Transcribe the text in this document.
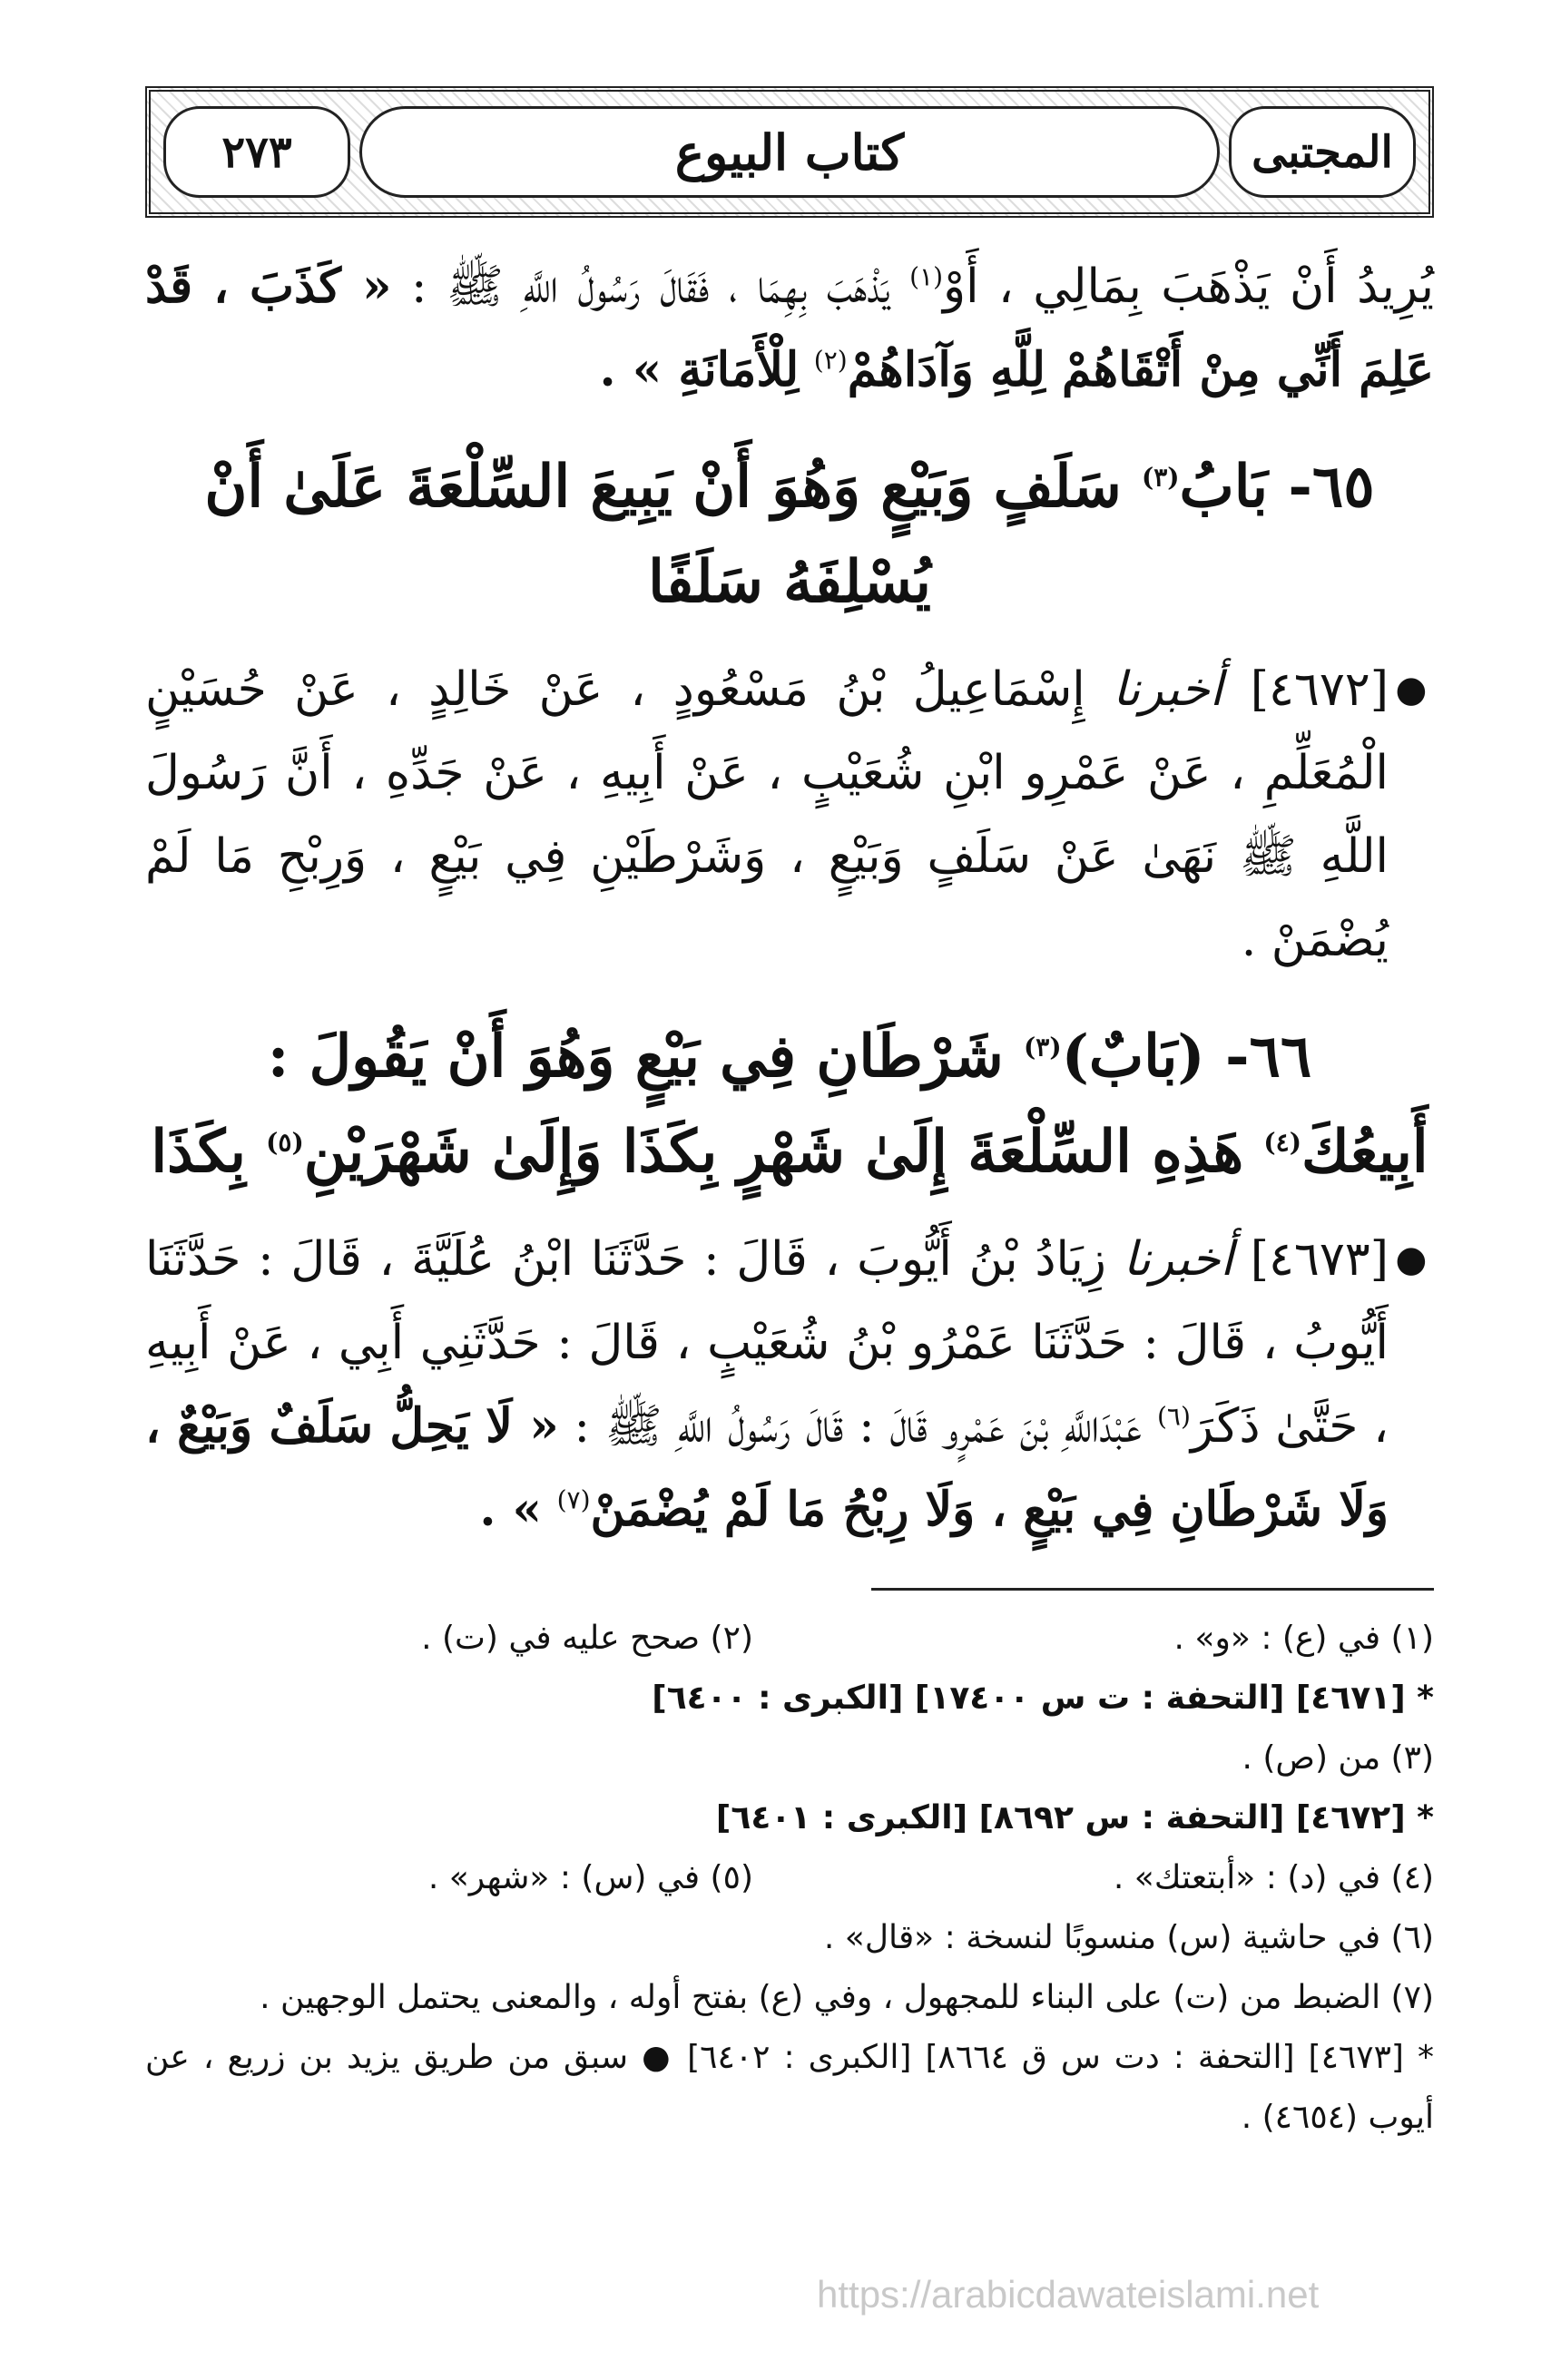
٢٧٣	كتاب البيوع	المجتبى

يُرِيدُ أَنْ يَذْهَبَ بِمَالِي ، أَوْ$^{(١)}$ يَذْهَبَ بِهِمَا ، فَقَالَ رَسُولُ اللَّهِ ﷺ : « كَذَبَ ، قَدْ عَلِمَ أَنِّي مِنْ أَتْقَاهُمْ لِلَّهِ وَآدَاهُمْ$^{(٢)}$ لِلْأَمَانَةِ » .

٦٥- بَابُ$^{(٣)}$ سَلَفٍ وَبَيْعٍ وَهُوَ أَنْ يَبِيعَ السِّلْعَةَ عَلَىٰ أَنْ يُسْلِفَهُ سَلَفًا

●

[٤٦٧٢] أخبرنا إِسْمَاعِيلُ بْنُ مَسْعُودٍ ، عَنْ خَالِدٍ ، عَنْ حُسَيْنٍ الْمُعَلِّمِ ، عَنْ عَمْرِو ابْنِ شُعَيْبٍ ، عَنْ أَبِيهِ ، عَنْ جَدِّهِ ، أَنَّ رَسُولَ اللَّهِ ﷺ نَهَىٰ عَنْ سَلَفٍ وَبَيْعٍ ، وَشَرْطَيْنِ فِي بَيْعٍ ، وَرِبْحِ مَا لَمْ يُضْمَنْ .

٦٦- (بَابٌ)$^{(٣)}$ شَرْطَانِ فِي بَيْعٍ وَهُوَ أَنْ يَقُولَ :
أَبِيعُكَ$^{(٤)}$ هَذِهِ السِّلْعَةَ إِلَىٰ شَهْرٍ بِكَذَا وَإِلَىٰ شَهْرَيْنِ$^{(٥)}$ بِكَذَا
●

[٤٦٧٣] أخبرنا زِيَادُ بْنُ أَيُّوبَ ، قَالَ : حَدَّثَنَا ابْنُ عُلَيَّةَ ، قَالَ : حَدَّثَنَا أَيُّوبُ ، قَالَ : حَدَّثَنَا عَمْرُو بْنُ شُعَيْبٍ ، قَالَ : حَدَّثَنِي أَبِي ، عَنْ أَبِيهِ ، حَتَّىٰ ذَكَرَ$^{(٦)}$ عَبْدَاللَّهِ بْنَ عَمْرٍو قَالَ : قَالَ رَسُولُ اللَّهِ ﷺ : « لَا يَحِلُّ سَلَفٌ وَبَيْعٌ ، وَلَا شَرْطَانِ فِي بَيْعٍ ، وَلَا رِبْحُ مَا لَمْ يُضْمَنْ$^{(٧)}$ » .

(١) في (ع) : «و» .
(٢) صحح عليه في (ت) .
* [٤٦٧١] [التحفة : ت س ١٧٤٠٠] [الكبرى : ٦٤٠٠]
(٣) من (ص) .
* [٤٦٧٢] [التحفة : س ٨٦٩٢] [الكبرى : ٦٤٠١]
(٤) في (د) : «أبتعتك» .
(٥) في (س) : «شهر» .
(٦) في حاشية (س) منسوبًا لنسخة : «قال» .
(٧) الضبط من (ت) على البناء للمجهول ، وفي (ع) بفتح أوله ، والمعنى يحتمل الوجهين .
* [٤٦٧٣] [التحفة : دت س ق ٨٦٦٤] [الكبرى : ٦٤٠٢] ● سبق من طريق يزيد بن زريع ، عن أيوب (٤٦٥٤) .
https://arabicdawateislami.net
